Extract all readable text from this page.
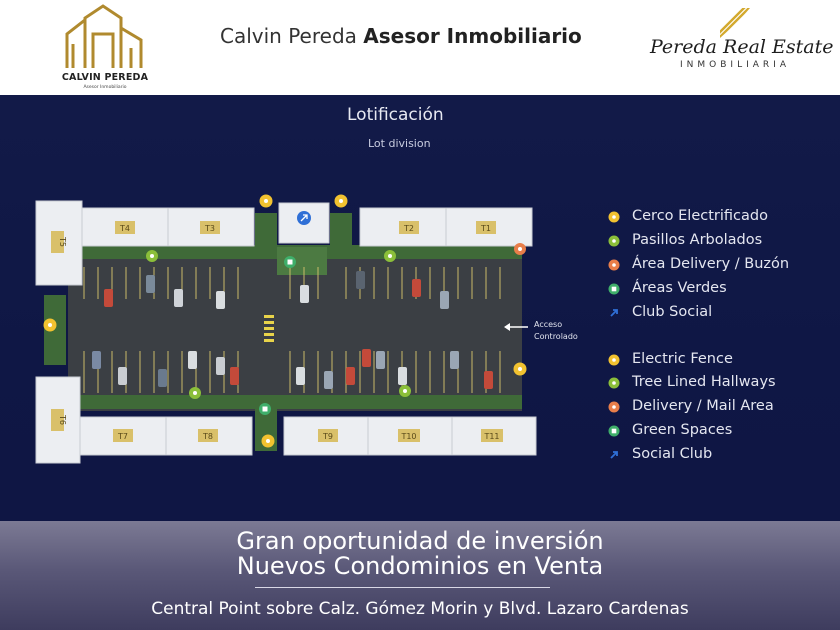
CALVIN PEREDA
Asesor Inmobiliario
Calvin Pereda Asesor Inmobiliario	Pereda Real Estate
INMOBILIARIA
Lotificación
Lot division
T4	T3	T2	T1
T7	T8	T9	T10	T11
T5
T6
Acceso
Controlado
Cerco Electrificado
Pasillos Arbolados
Área Delivery / Buzón
Áreas Verdes
Club Social
Electric Fence
Tree Lined Hallways
Delivery / Mail Area
Green Spaces
Social Club
Gran oportunidad de inversión
Nuevos Condominios en Venta
Central Point sobre Calz. Gómez Morin y Blvd. Lazaro Cardenas
